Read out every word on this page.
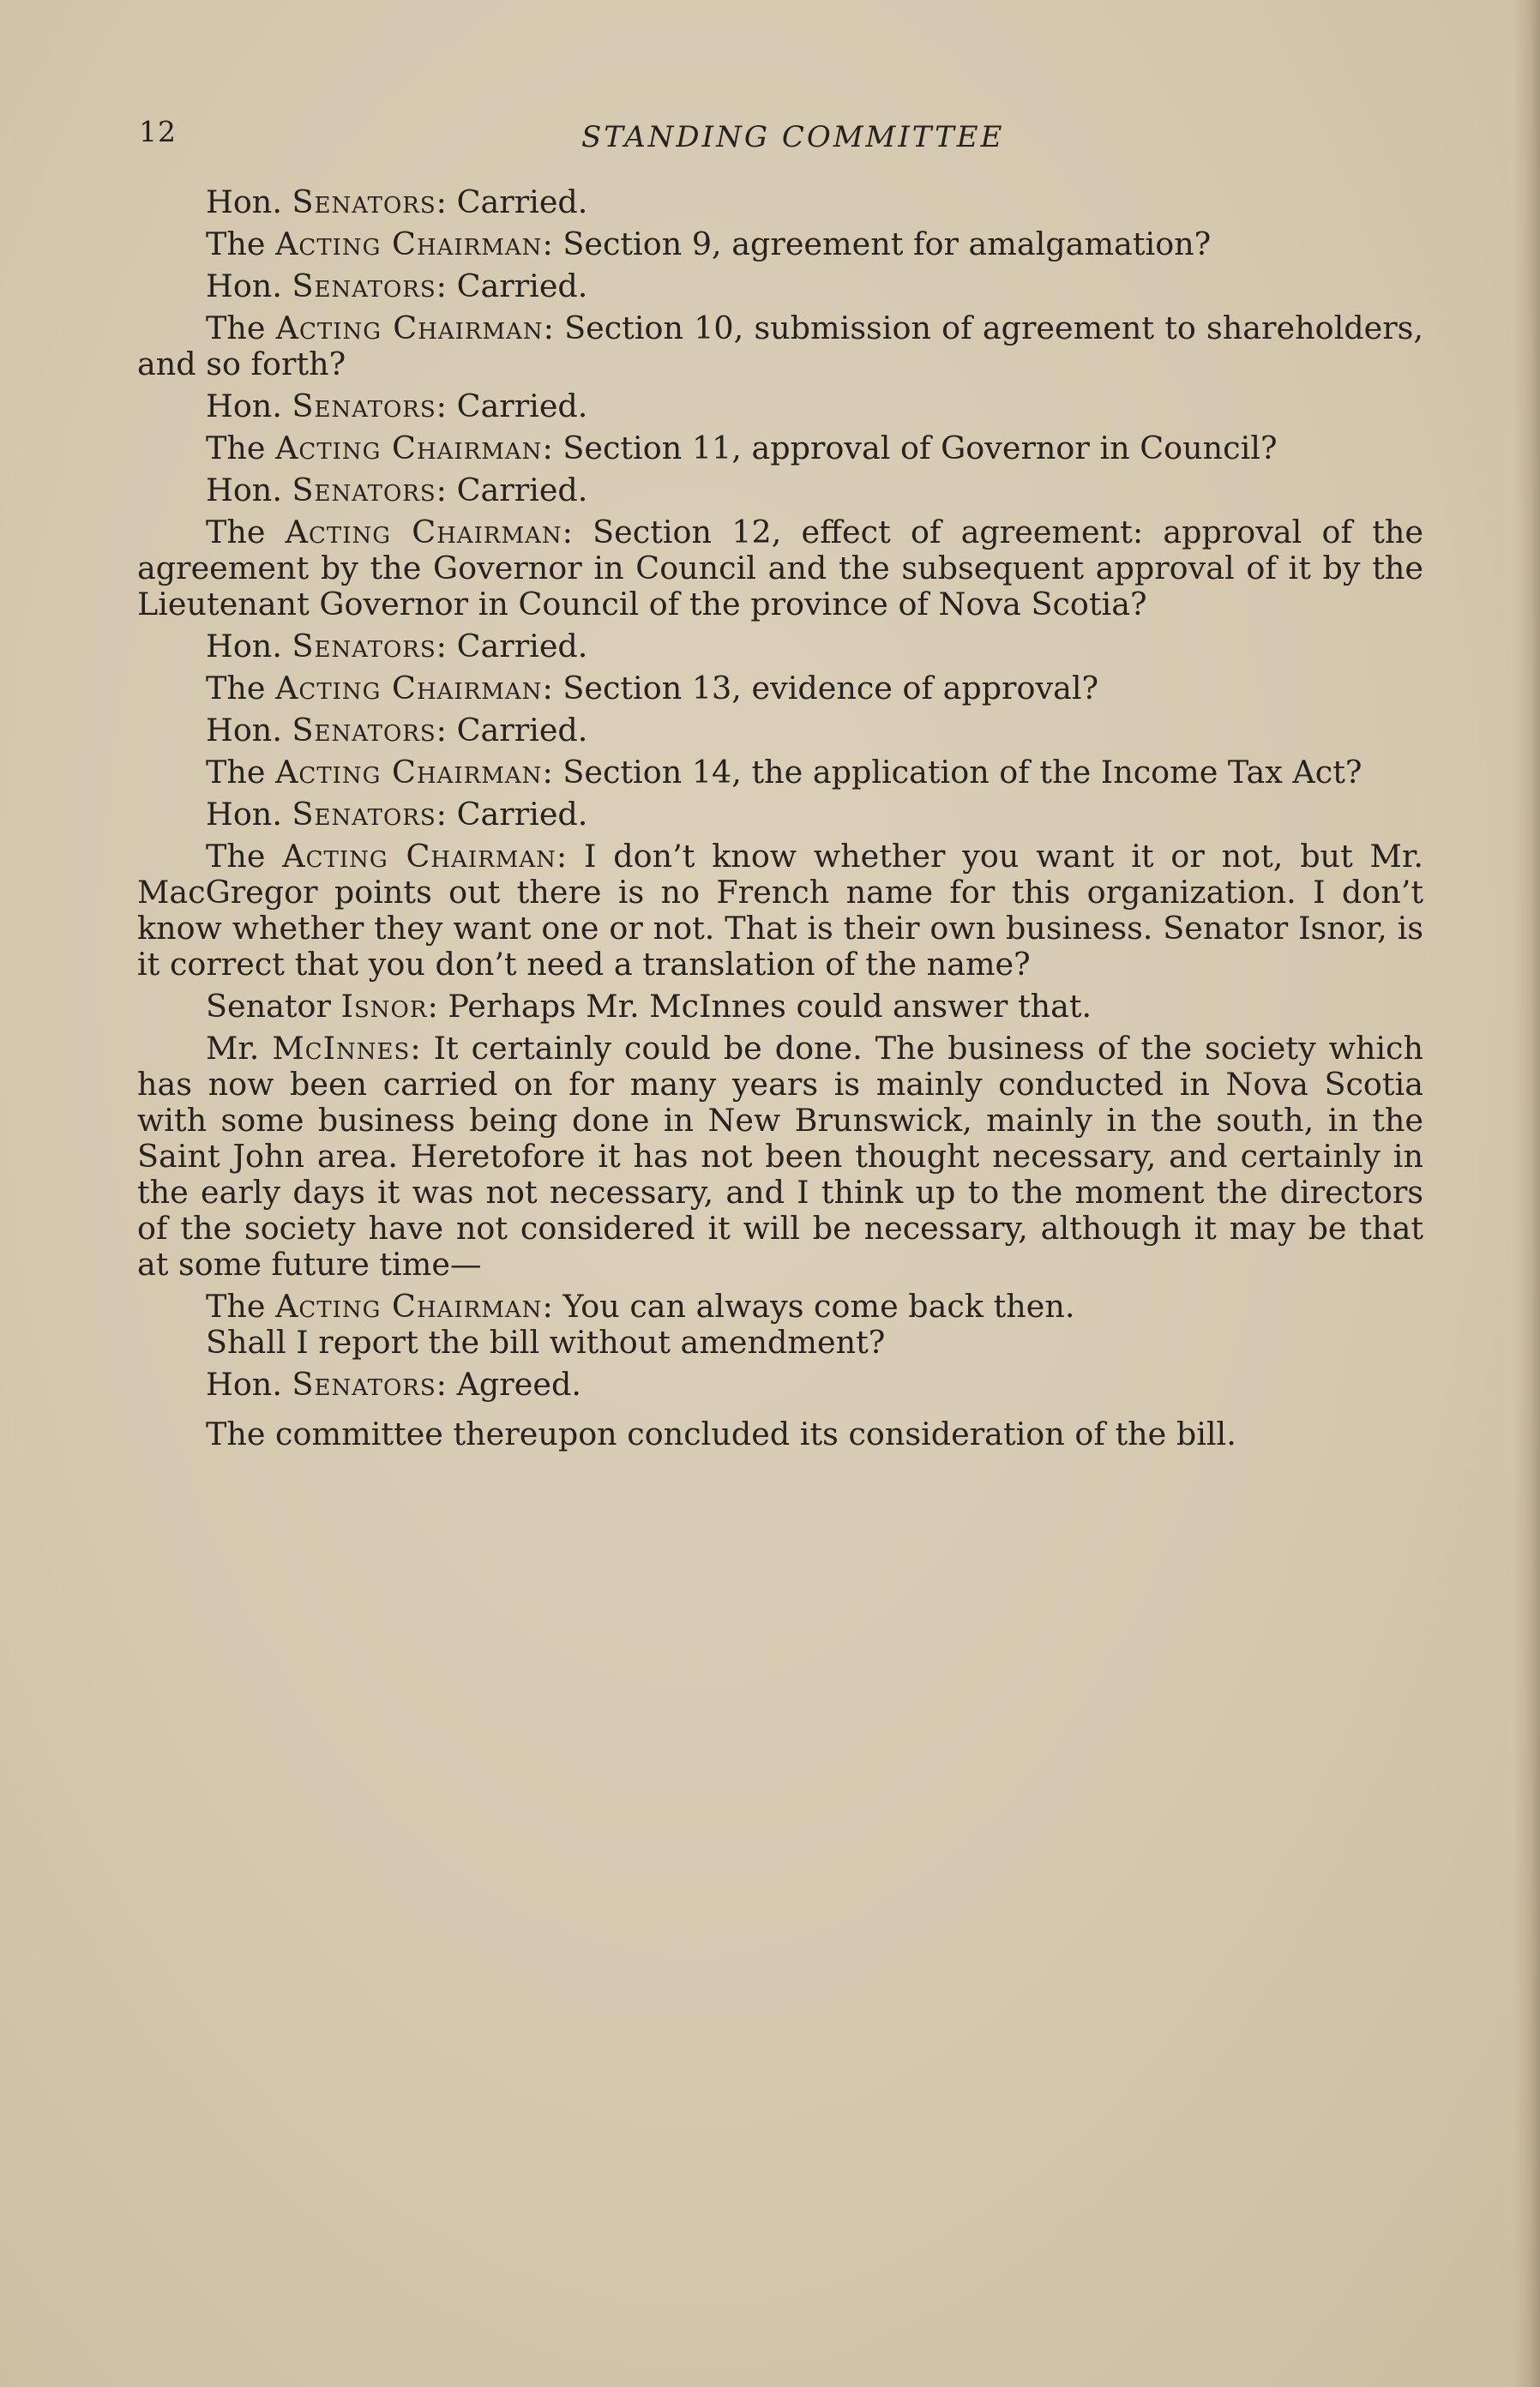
12	STANDING COMMITTEE

Hon. Senators: Carried.

The Acting Chairman: Section 9, agreement for amalgamation?

Hon. Senators: Carried.

The Acting Chairman: Section 10, submission of agreement to shareholders, and so forth?

Hon. Senators: Carried.

The Acting Chairman: Section 11, approval of Governor in Council?

Hon. Senators: Carried.

The Acting Chairman: Section 12, effect of agreement: approval of the agreement by the Governor in Council and the subsequent approval of it by the Lieutenant Governor in Council of the province of Nova Scotia?

Hon. Senators: Carried.

The Acting Chairman: Section 13, evidence of approval?

Hon. Senators: Carried.

The Acting Chairman: Section 14, the application of the Income Tax Act?

Hon. Senators: Carried.

The Acting Chairman: I don’t know whether you want it or not, but Mr. MacGregor points out there is no French name for this organization. I don’t know whether they want one or not. That is their own business. Senator Isnor, is it correct that you don’t need a translation of the name?

Senator Isnor: Perhaps Mr. McInnes could answer that.

Mr. McInnes: It certainly could be done. The business of the society which has now been carried on for many years is mainly conducted in Nova Scotia with some business being done in New Brunswick, mainly in the south, in the Saint John area. Heretofore it has not been thought necessary, and certainly in the early days it was not necessary, and I think up to the moment the directors of the society have not considered it will be necessary, although it may be that at some future time—

The Acting Chairman: You can always come back then.

Shall I report the bill without amendment?

Hon. Senators: Agreed.

The committee thereupon concluded its consideration of the bill.
